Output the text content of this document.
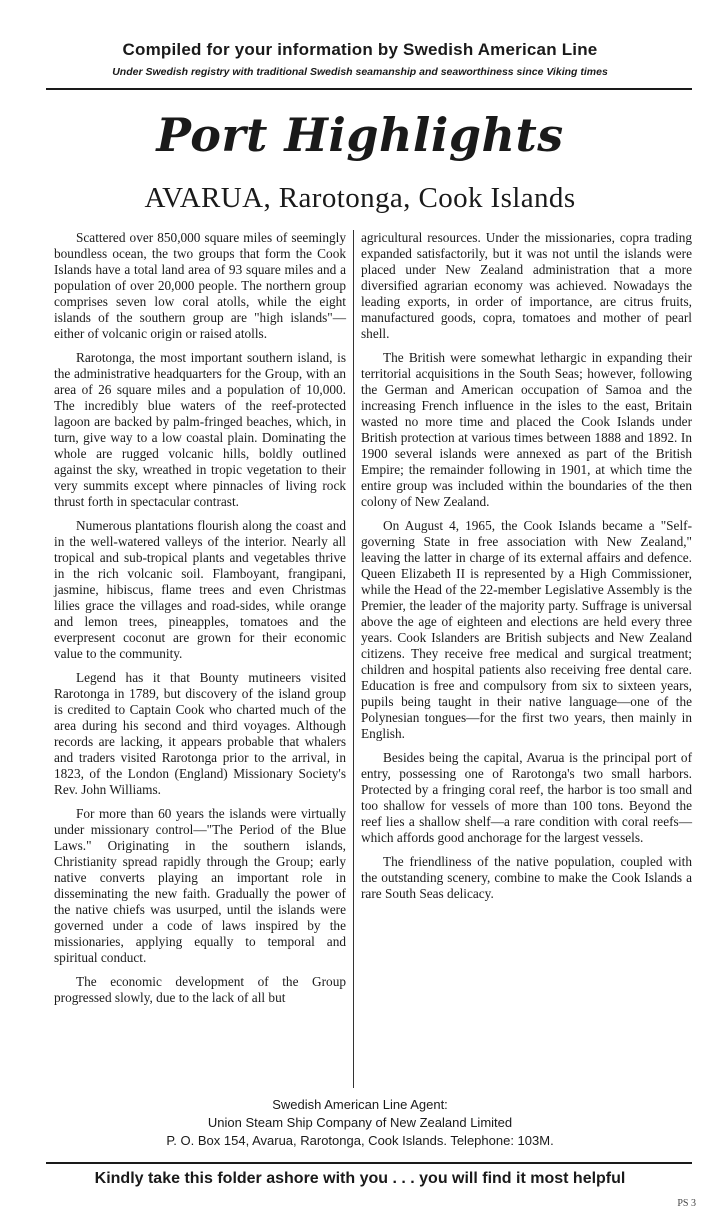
Compiled for your information by Swedish American Line
Under Swedish registry with traditional Swedish seamanship and seaworthiness since Viking times
Port Highlights
AVARUA, Rarotonga, Cook Islands

Scattered over 850,000 square miles of seemingly boundless ocean, the two groups that form the Cook Islands have a total land area of 93 square miles and a population of over 20,000 people. The northern group comprises seven low coral atolls, while the eight islands of the southern group are "high islands"—either of volcanic origin or raised atolls.

Rarotonga, the most important southern island, is the administrative headquarters for the Group, with an area of 26 square miles and a population of 10,000. The incredibly blue waters of the reef-protected lagoon are backed by palm-fringed beaches, which, in turn, give way to a low coastal plain. Dominating the whole are rugged volcanic hills, boldly outlined against the sky, wreathed in tropic vegetation to their very summits except where pinnacles of living rock thrust forth in spectacular contrast.

Numerous plantations flourish along the coast and in the well-watered valleys of the interior. Nearly all tropical and sub-tropical plants and vegetables thrive in the rich volcanic soil. Flamboyant, frangipani, jasmine, hibiscus, flame trees and even Christmas lilies grace the villages and road-sides, while orange and lemon trees, pineapples, tomatoes and the everpresent coconut are grown for their economic value to the community.

Legend has it that Bounty mutineers visited Rarotonga in 1789, but discovery of the island group is credited to Captain Cook who charted much of the area during his second and third voyages. Although records are lacking, it appears probable that whalers and traders visited Rarotonga prior to the arrival, in 1823, of the London (England) Missionary Society's Rev. John Williams.

For more than 60 years the islands were virtually under missionary control—"The Period of the Blue Laws." Originating in the southern islands, Christianity spread rapidly through the Group; early native converts playing an important role in disseminating the new faith. Gradually the power of the native chiefs was usurped, until the islands were governed under a code of laws inspired by the missionaries, applying equally to temporal and spiritual conduct.

The economic development of the Group progressed slowly, due to the lack of all but

agricultural resources. Under the missionaries, copra trading expanded satisfactorily, but it was not until the islands were placed under New Zealand administration that a more diversified agrarian economy was achieved. Nowadays the leading exports, in order of importance, are citrus fruits, manufactured goods, copra, tomatoes and mother of pearl shell.

The British were somewhat lethargic in expanding their territorial acquisitions in the South Seas; however, following the German and American occupation of Samoa and the increasing French influence in the isles to the east, Britain wasted no more time and placed the Cook Islands under British protection at various times between 1888 and 1892. In 1900 several islands were annexed as part of the British Empire; the remainder following in 1901, at which time the entire group was included within the boundaries of the then colony of New Zealand.

On August 4, 1965, the Cook Islands became a "Self-governing State in free association with New Zealand," leaving the latter in charge of its external affairs and defence. Queen Elizabeth II is represented by a High Commissioner, while the Head of the 22-member Legislative Assembly is the Premier, the leader of the majority party. Suffrage is universal above the age of eighteen and elections are held every three years. Cook Islanders are British subjects and New Zealand citizens. They receive free medical and surgical treatment; children and hospital patients also receiving free dental care. Education is free and compulsory from six to sixteen years, pupils being taught in their native language—one of the Polynesian tongues—for the first two years, then mainly in English.

Besides being the capital, Avarua is the principal port of entry, possessing one of Rarotonga's two small harbors. Protected by a fringing coral reef, the harbor is too small and too shallow for vessels of more than 100 tons. Beyond the reef lies a shallow shelf—a rare condition with coral reefs—which affords good anchorage for the largest vessels.

The friendliness of the native population, coupled with the outstanding scenery, combine to make the Cook Islands a rare South Seas delicacy.

Swedish American Line Agent:
Union Steam Ship Company of New Zealand Limited
P. O. Box 154, Avarua, Rarotonga, Cook Islands. Telephone: 103M.
Kindly take this folder ashore with you . . . you will find it most helpful
PS 3
